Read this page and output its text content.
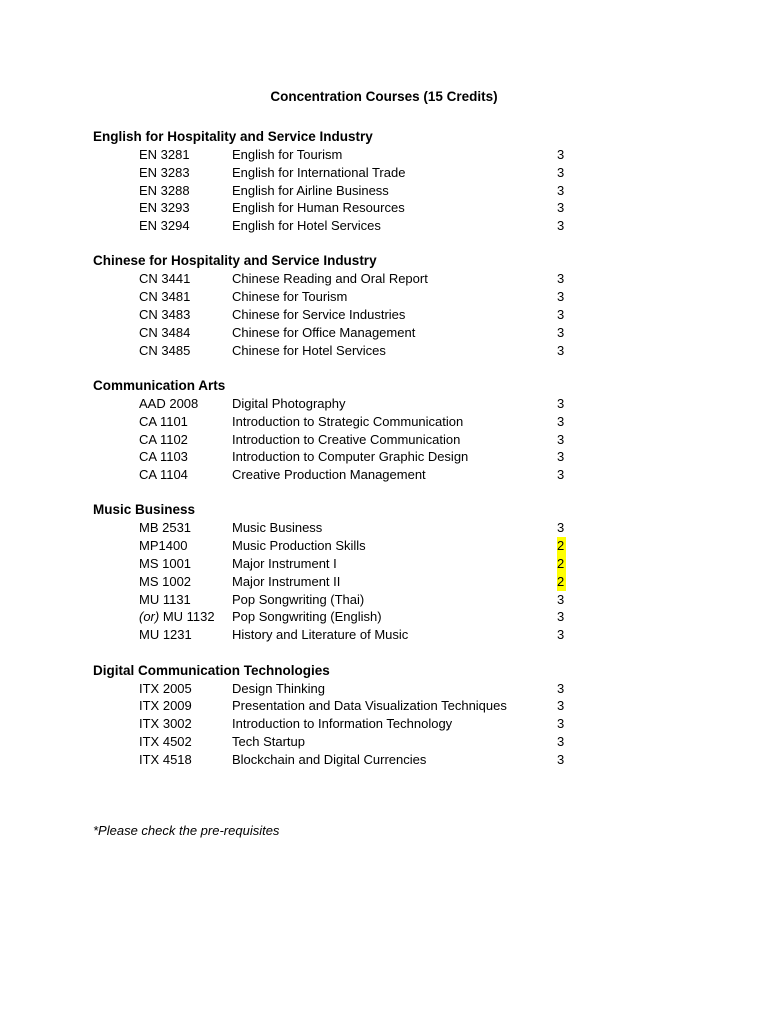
Concentration Courses (15 Credits)
English for Hospitality and Service Industry
EN 3281	English for Tourism	3
EN 3283	English for International Trade	3
EN 3288	English for Airline Business	3
EN 3293	English for Human Resources	3
EN 3294	English for Hotel Services	3
Chinese for Hospitality and Service Industry
CN 3441	Chinese Reading and Oral Report	3
CN 3481	Chinese for Tourism	3
CN 3483	Chinese for Service Industries	3
CN 3484	Chinese for Office Management	3
CN 3485	Chinese for Hotel Services	3
Communication Arts
AAD 2008	Digital Photography	3
CA 1101	Introduction to Strategic Communication	3
CA 1102	Introduction to Creative Communication	3
CA 1103	Introduction to Computer Graphic Design	3
CA 1104	Creative Production Management	3
Music Business
MB 2531	Music Business	3
MP1400	Music Production Skills	2
MS 1001	Major Instrument I	2
MS 1002	Major Instrument II	2
MU 1131	Pop Songwriting (Thai)	3
(or) MU 1132 Pop Songwriting (English)	3
MU 1231	History and Literature of Music	3
Digital Communication Technologies
ITX 2005	Design Thinking	3
ITX 2009	Presentation and Data Visualization Techniques	3
ITX 3002	Introduction to Information Technology	3
ITX 4502	Tech Startup	3
ITX 4518	Blockchain and Digital Currencies	3
*Please check the pre-requisites
